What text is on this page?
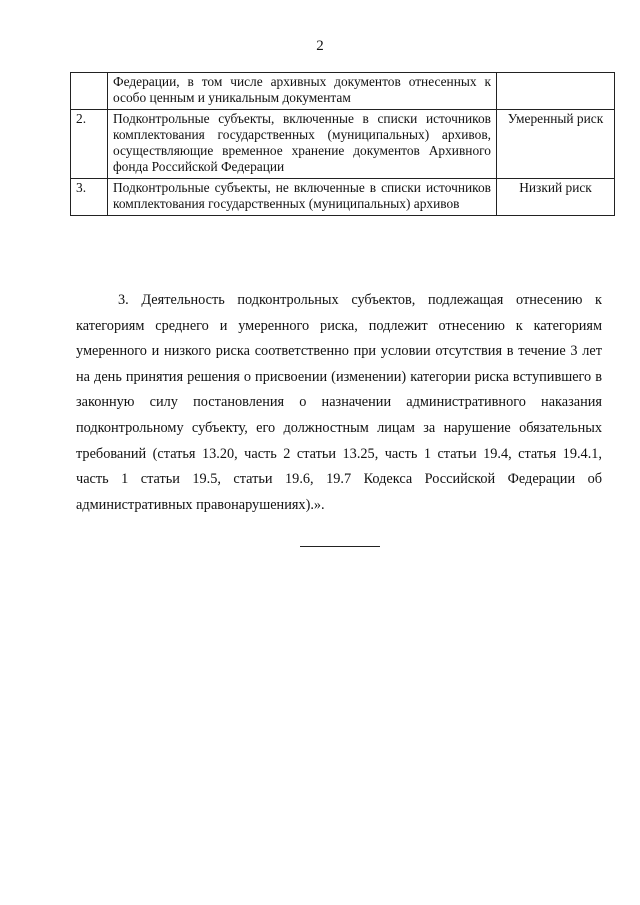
2
	Федерации, в том числе архивных документов отнесенных к особо ценным и уникальным документам	
2.	Подконтрольные субъекты, включенные в списки источников комплектования государственных (муниципальных) архивов, осуществляющие временное хранение документов Архивного фонда Российской Федерации	Умеренный риск
3.	Подконтрольные субъекты, не включенные в списки источников комплектования государственных (муниципальных) архивов	Низкий риск

3. Деятельность подконтрольных субъектов, подлежащая отнесению к категориям среднего и умеренного риска, подлежит отнесению к категориям умеренного и низкого риска соответственно при условии отсутствия в течение 3 лет на день принятия решения о присвоении (изменении) категории риска вступившего в законную силу постановления о назначении административного наказания подконтрольному субъекту, его должностным лицам за нарушение обязательных требований (статья 13.20, часть 2 статьи 13.25, часть 1 статьи 19.4, статья 19.4.1, часть 1 статьи 19.5, статьи 19.6, 19.7 Кодекса Российской Федерации об административных правонарушениях).».
